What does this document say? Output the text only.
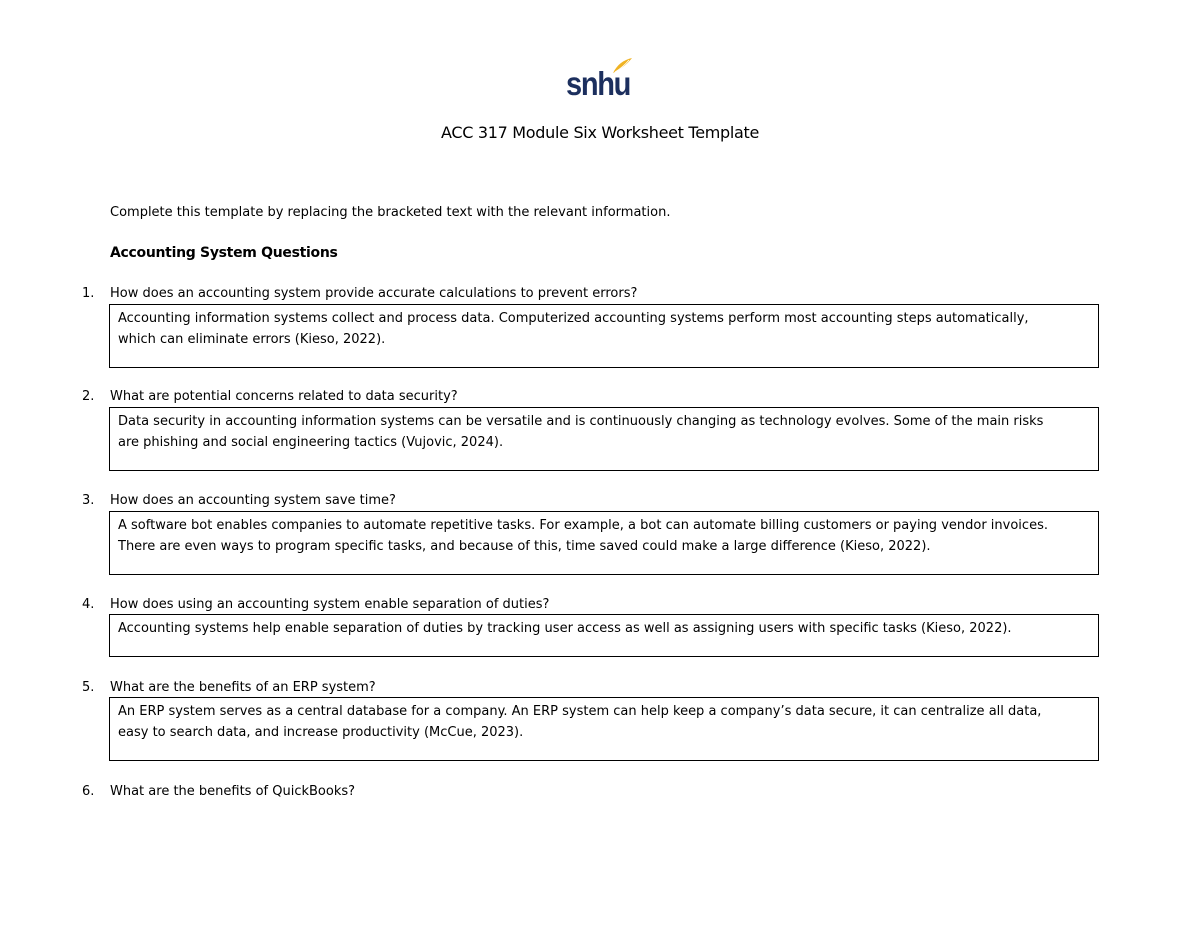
snhu
ACC 317 Module Six Worksheet Template
Complete this template by replacing the bracketed text with the relevant information.
Accounting System Questions
1. How does an accounting system provide accurate calculations to prevent errors?
Accounting information systems collect and process data. Computerized accounting systems perform most accounting steps automatically,
which can eliminate errors (Kieso, 2022).
2. What are potential concerns related to data security?
Data security in accounting information systems can be versatile and is continuously changing as technology evolves. Some of the main risks
are phishing and social engineering tactics (Vujovic, 2024).
3. How does an accounting system save time?
A software bot enables companies to automate repetitive tasks. For example, a bot can automate billing customers or paying vendor invoices.
There are even ways to program specific tasks, and because of this, time saved could make a large difference (Kieso, 2022).
4. How does using an accounting system enable separation of duties?
Accounting systems help enable separation of duties by tracking user access as well as assigning users with specific tasks (Kieso, 2022).
5. What are the benefits of an ERP system?
An ERP system serves as a central database for a company. An ERP system can help keep a company’s data secure, it can centralize all data,
easy to search data, and increase productivity (McCue, 2023).
6. What are the benefits of QuickBooks?
